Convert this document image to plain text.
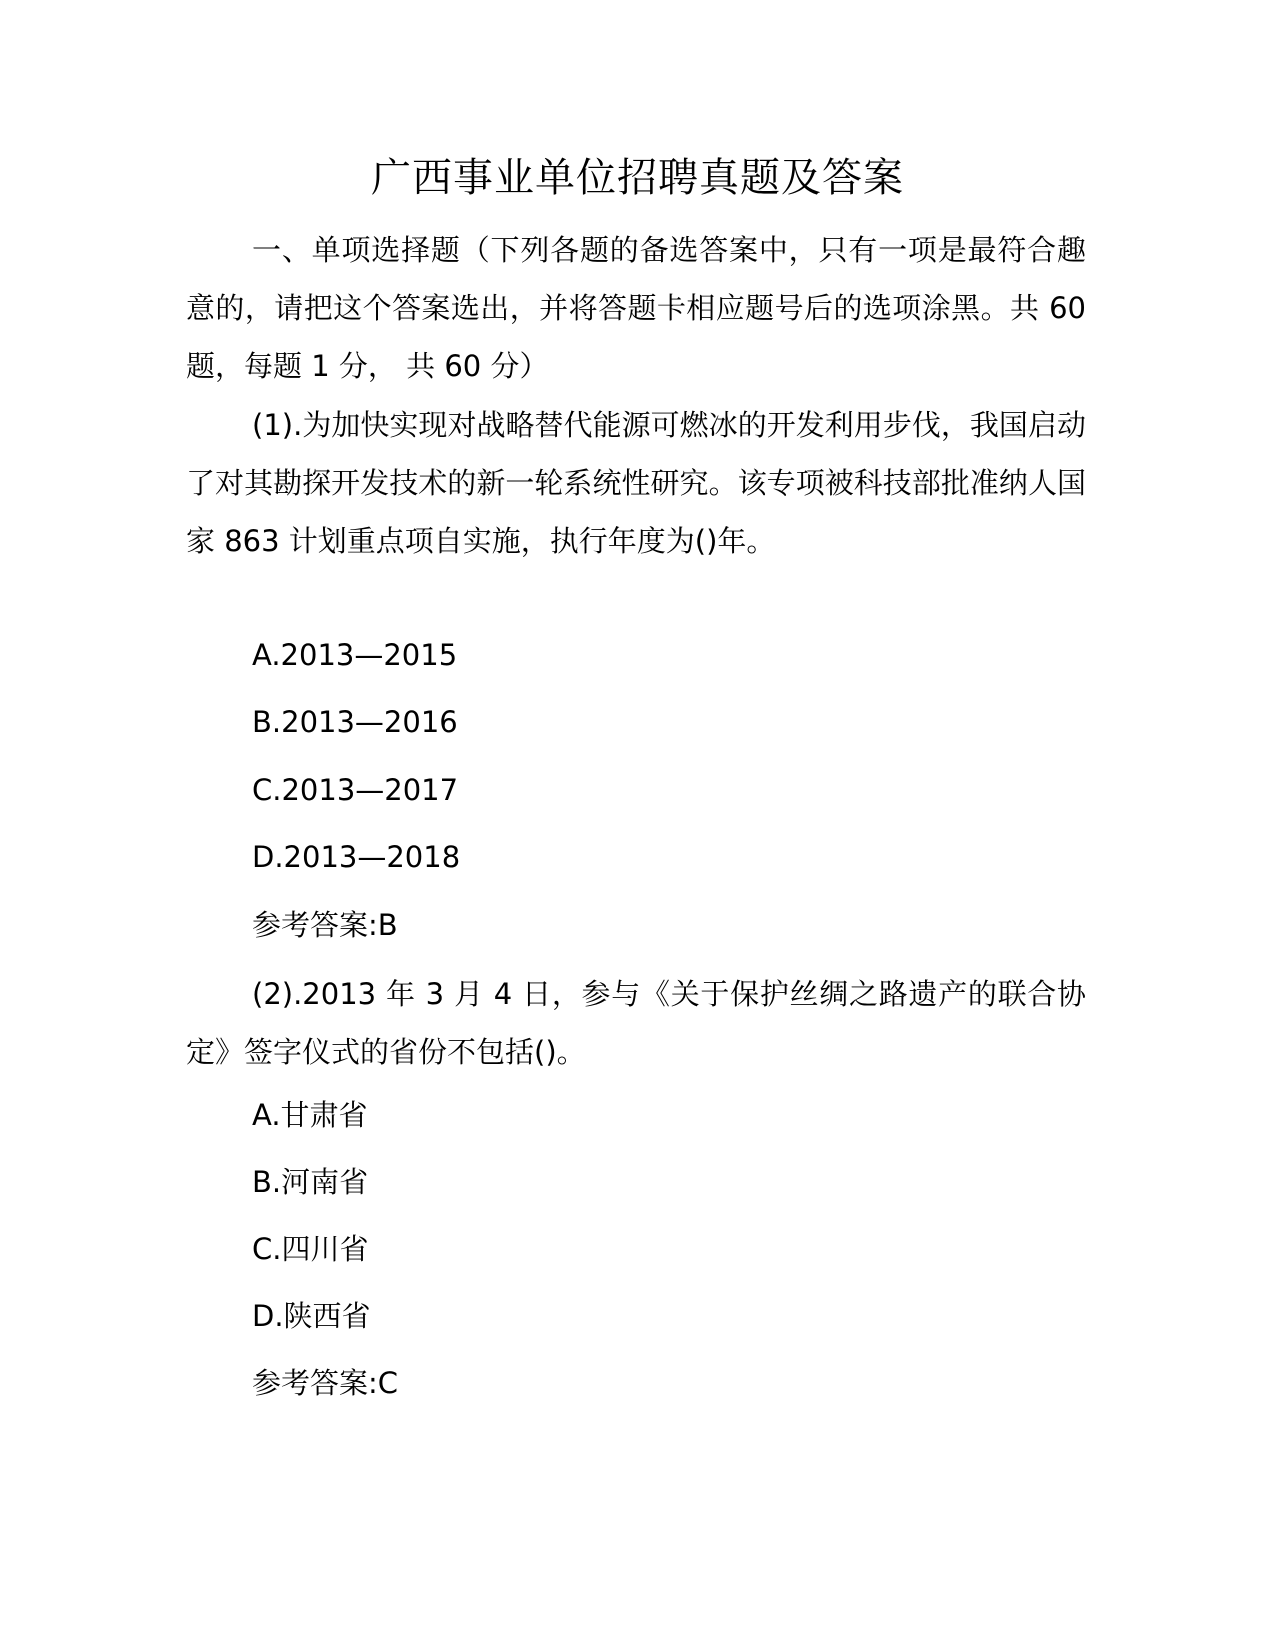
广西事业单位招聘真题及答案

一、单项选择题（下列各题的备选答案中，只有一项是最符合趣意的，请把这个答案选出，并将答题卡相应题号后的选项涂黑。共 60 题，每题 1 分， 共 60 分）

(1).为加快实现对战略替代能源可燃冰的开发利用步伐，我国启动了对其勘探开发技术的新一轮系统性研究。该专项被科技部批准纳人国家 863 计划重点项自实施，执行年度为()年。

A.2013—2015

B.2013—2016

C.2013—2017

D.2013—2018

参考答案:B

(2).2013 年 3 月 4 日，参与《关于保护丝绸之路遗产的联合协定》签字仪式的省份不包括()。

A.甘肃省

B.河南省

C.四川省

D.陕西省

参考答案:C
